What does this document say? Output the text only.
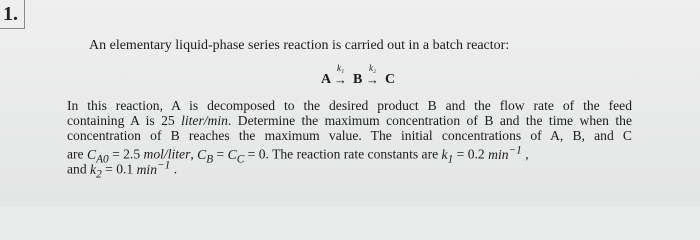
1.
An elementary liquid-phase series reaction is carried out in a batch reactor:
A
k₁
→ B
k₂
→ C
In this reaction, A is decomposed to the desired product B and the flow rate of the feed
containing A is 25 liter/min. Determine the maximum concentration of B and the time when the
concentration of B reaches the maximum value. The initial concentrations of A, B, and C
are $C_{A0} = 2.5$ mol/liter, $C_B = C_C = 0$. The reaction rate constants are $k_1 = 0.2$ $\min^{-1}$ ,
and $k_2 = 0.1$ $\min^{-1}$ .
